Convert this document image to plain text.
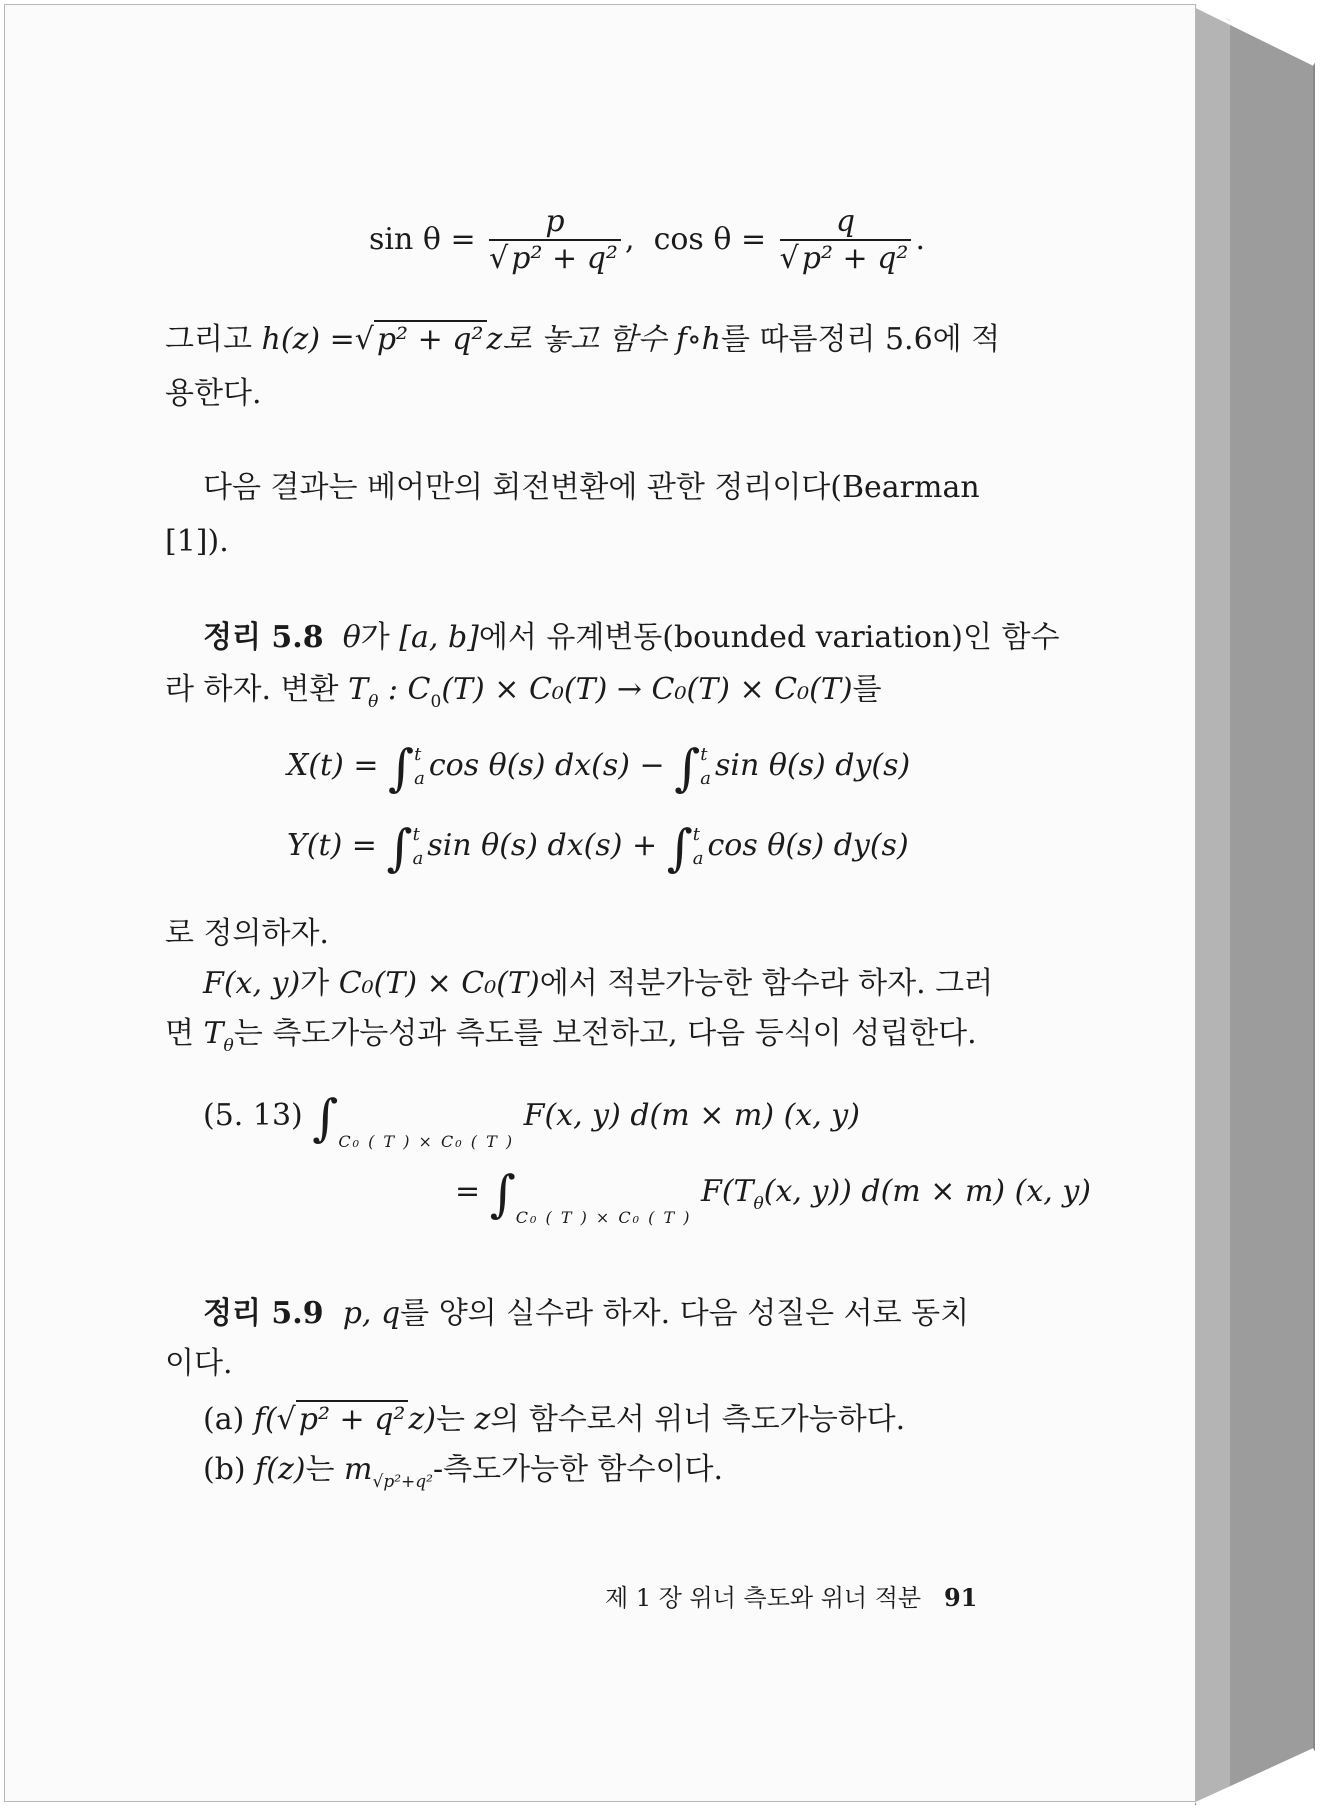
$\sin \theta = \frac{p}{\text{√ p² + q²}}$ , $\cos \theta = \frac{q}{\text{√ p² + q²}}$ .
그리고 h(z) =√ p² + q² z로 놓고 함수 f∘h를 따름정리 5.6에 적
용한다.
다음 결과는 베어만의 회전변환에 관한 정리이다(Bearman
[1]).
정리 5.8 θ가 [a, b]에서 유계변동(bounded variation)인 함수
라 하자. 변환 $T_\theta$ : $C_0(T) \times C_0(T) \to C_0(T) \times C_0(T)$를
X(t) = ∫ t
a cos θ(s) dx(s) − ∫ t
a sin θ(s) dy(s)
Y(t) = ∫ t
a sin θ(s) dx(s) + ∫ t
a cos θ(s) dy(s)
로 정의하자.
F(x, y)가 C₀(T) × C₀(T)에서 적분가능한 함수라 하자. 그러
면 $T_\theta$는 측도가능성과 측도를 보전하고, 다음 등식이 성립한다.
(5. 13) $\int_{C_0 ( T ) \times C_0 ( T )}$ F(x, y) d(m × m) (x, y)
= $\int_{C_0 ( T ) \times C_0 ( T )}$ $F(T_\theta(x$, y)) d(m × m) (x, y)
정리 5.9 p, q를 양의 실수라 하자. 다음 성질은 서로 동치
이다.
(a) f(√ p² + q² z)는 z의 함수로서 위너 측도가능하다.
(b) f(z)는 $m_{√p^2+q^2}-$측도가능한 함수이다.
제 1 장 위너 측도와 위너 적분 91
